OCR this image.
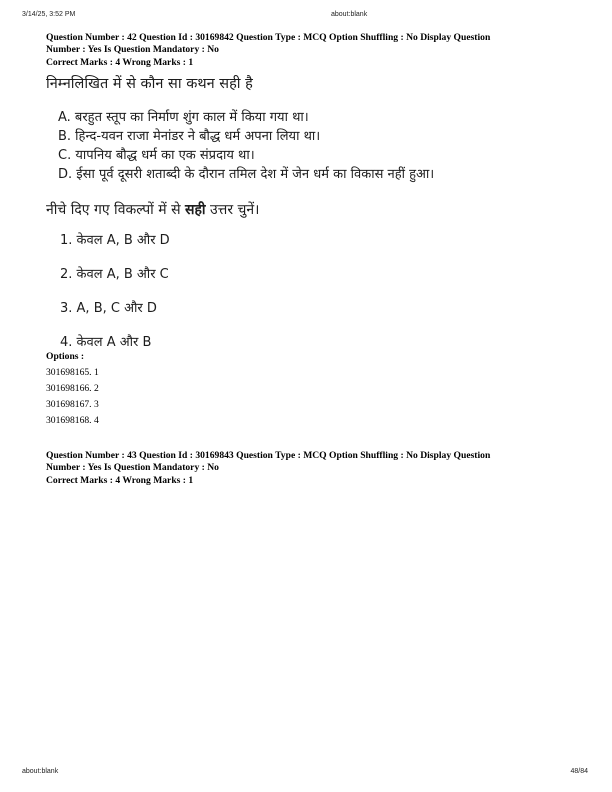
3/14/25, 3:52 PM	about:blank
Question Number : 42 Question Id : 30169842 Question Type : MCQ Option Shuffling : No Display Question
Number : Yes Is Question Mandatory : No
Correct Marks : 4 Wrong Marks : 1
निम्नलिखित में से कौन सा कथन सही है
A. बरहुत स्तूप का निर्माण शुंग काल में किया गया था।
B. हिन्द-यवन राजा मेनांडर ने बौद्ध धर्म अपना लिया था।
C. यापनिय बौद्ध धर्म का एक संप्रदाय था।
D. ईसा पूर्व दूसरी शताब्दी के दौरान तमिल देश में जेन धर्म का विकास नहीं हुआ।
नीचे दिए गए विकल्पों में से सही उत्तर चुनें।
1. केवल A, B और D
2. केवल A, B और C
3. A, B, C और D
4. केवल A और B
Options :
301698165. 1
301698166. 2
301698167. 3
301698168. 4
Question Number : 43 Question Id : 30169843 Question Type : MCQ Option Shuffling : No Display Question
Number : Yes Is Question Mandatory : No
Correct Marks : 4 Wrong Marks : 1
about:blank	48/84
